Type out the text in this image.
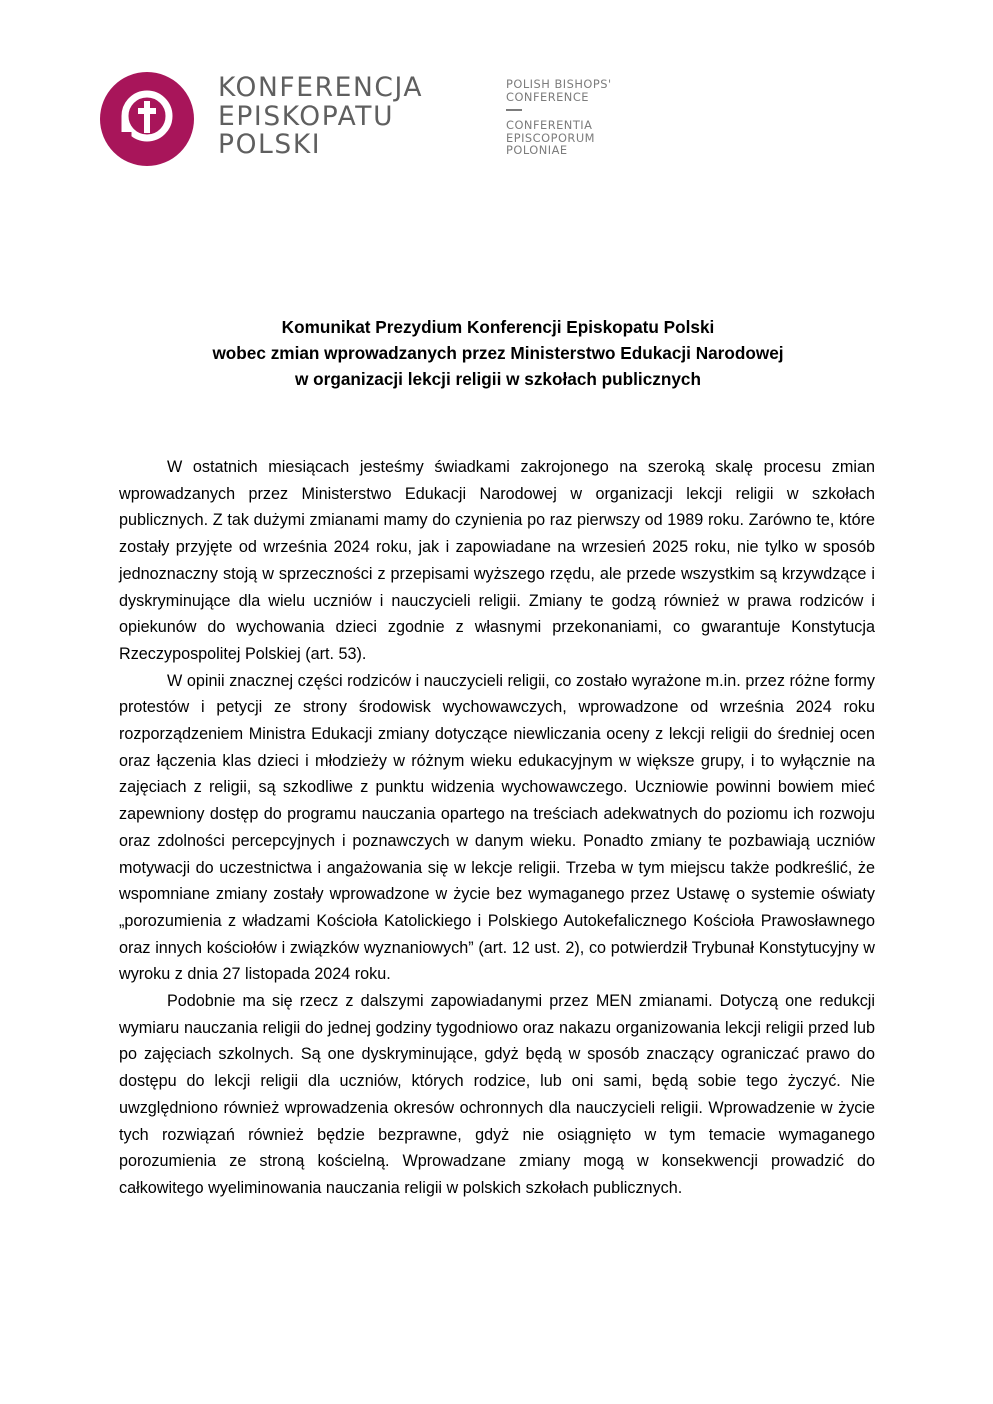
KONFERENCJA
EPISKOPATU
POLSKI
POLISH BISHOPS'
CONFERENCE
CONFERENTIA
EPISCOPORUM
POLONIAE
Komunikat Prezydium Konferencji Episkopatu Polski
wobec zmian wprowadzanych przez Ministerstwo Edukacji Narodowej
w organizacji lekcji religii w szkołach publicznych

W ostatnich miesiącach jesteśmy świadkami zakrojonego na szeroką skalę procesu zmian wprowadzanych przez Ministerstwo Edukacji Narodowej w organizacji lekcji religii w szkołach publicznych. Z tak dużymi zmianami mamy do czynienia po raz pierwszy od 1989 roku. Zarówno te, które zostały przyjęte od września 2024 roku, jak i zapowiadane na wrzesień 2025 roku, nie tylko w sposób jednoznaczny stoją w sprzeczności z przepisami wyższego rzędu, ale przede wszystkim są krzywdzące i dyskryminujące dla wielu uczniów i nauczycieli religii. Zmiany te godzą również w prawa rodziców i opiekunów do wychowania dzieci zgodnie z własnymi przekonaniami, co gwarantuje Konstytucja Rzeczypospolitej Polskiej (art. 53).

W opinii znacznej części rodziców i nauczycieli religii, co zostało wyrażone m.in. przez różne formy protestów i petycji ze strony środowisk wychowawczych, wprowadzone od września 2024 roku rozporządzeniem Ministra Edukacji zmiany dotyczące niewliczania oceny z lekcji religii do średniej ocen oraz łączenia klas dzieci i młodzieży w różnym wieku edukacyjnym w większe grupy, i to wyłącznie na zajęciach z religii, są szkodliwe z punktu widzenia wychowawczego. Uczniowie powinni bowiem mieć zapewniony dostęp do programu nauczania opartego na treściach adekwatnych do poziomu ich rozwoju oraz zdolności percepcyjnych i poznawczych w danym wieku. Ponadto zmiany te pozbawiają uczniów motywacji do uczestnictwa i angażowania się w lekcje religii. Trzeba w tym miejscu także podkreślić, że wspomniane zmiany zostały wprowadzone w życie bez wymaganego przez Ustawę o systemie oświaty „porozumienia z władzami Kościoła Katolickiego i Polskiego Autokefalicznego Kościoła Prawosławnego oraz innych kościołów i związków wyznaniowych” (art. 12 ust. 2), co potwierdził Trybunał Konstytucyjny w wyroku z dnia 27 listopada 2024 roku.

Podobnie ma się rzecz z dalszymi zapowiadanymi przez MEN zmianami. Dotyczą one redukcji wymiaru nauczania religii do jednej godziny tygodniowo oraz nakazu organizowania lekcji religii przed lub po zajęciach szkolnych. Są one dyskryminujące, gdyż będą w sposób znaczący ograniczać prawo do dostępu do lekcji religii dla uczniów, których rodzice, lub oni sami, będą sobie tego życzyć. Nie uwzględniono również wprowadzenia okresów ochronnych dla nauczycieli religii. Wprowadzenie w życie tych rozwiązań również będzie bezprawne, gdyż nie osiągnięto w tym temacie wymaganego porozumienia ze stroną kościelną. Wprowadzane zmiany mogą w konsekwencji prowadzić do całkowitego wyeliminowania nauczania religii w polskich szkołach publicznych.
